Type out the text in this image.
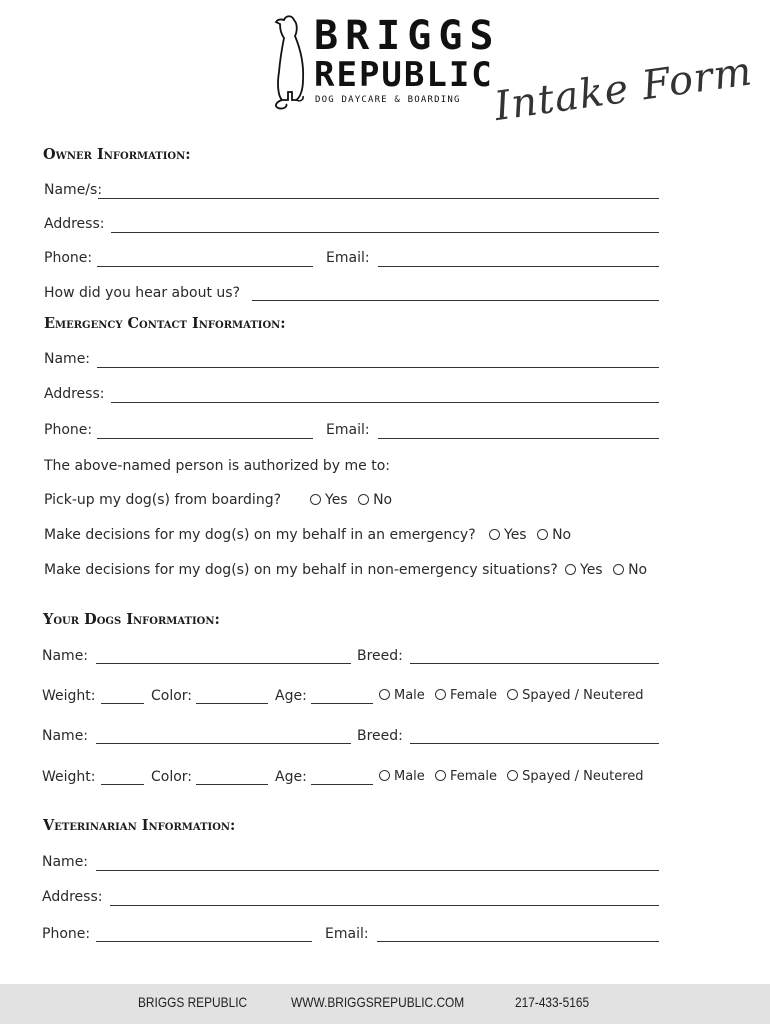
BRIGGS
REPUBLIC
DOG DAYCARE & BOARDING Intake Form
Owner Information:
Name/s:
Address:
Phone:	Email:
How did you hear about us?
Emergency Contact Information:
Name:
Address:
Phone:	Email:
The above-named person is authorized by me to:
Pick-up my dog(s) from boarding?	Yes No
Make decisions for my dog(s) on my behalf in an emergency?	Yes No
Make decisions for my dog(s) on my behalf in non-emergency situations?	Yes No
Your Dogs Information:
Name:	Breed:
Weight:	Color:	Age:	Male Female Spayed / Neutered
Name:	Breed:
Weight:	Color:	Age:	Male Female Spayed / Neutered
Veterinarian Information:
Name:
Address:
Phone:	Email:
BRIGGS REPUBLIC	WWW.BRIGGSREPUBLIC.COM	217-433-5165
